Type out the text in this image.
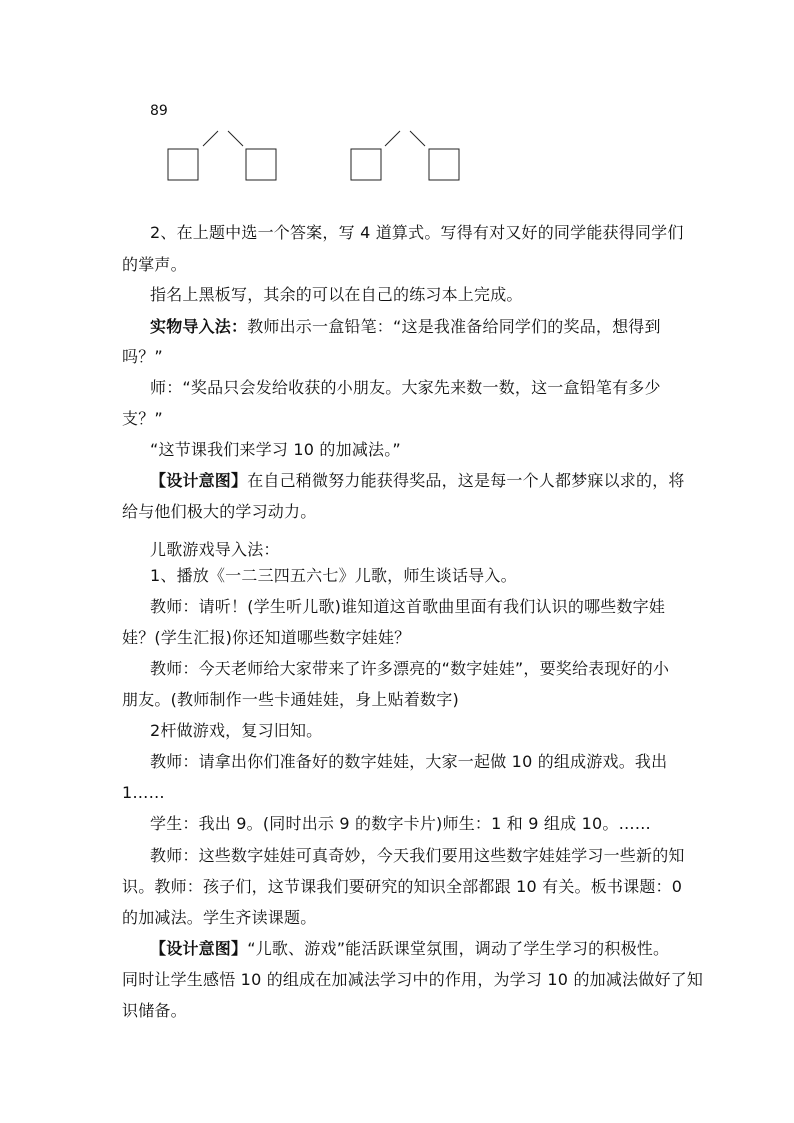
89
2、在上题中选一个答案，写 4 道算式。写得有对又好的同学能获得同学们
的掌声。
指名上黑板写，其余的可以在自己的练习本上完成。
实物导入法：教师出示一盒铅笔：“这是我准备给同学们的奖品，想得到
吗？”
师：“奖品只会发给收获的小朋友。大家先来数一数，这一盒铅笔有多少
支？”
“这节课我们来学习 10 的加减法。”
【设计意图】在自己稍微努力能获得奖品，这是每一个人都梦寐以求的，将
给与他们极大的学习动力。
儿歌游戏导入法：
1、播放《一二三四五六七》儿歌，师生谈话导入。
教师：请听！(学生听儿歌)谁知道这首歌曲里面有我们认识的哪些数字娃
娃？(学生汇报)你还知道哪些数字娃娃？
教师：今天老师给大家带来了许多漂亮的“数字娃娃”，要奖给表现好的小
朋友。(教师制作一些卡通娃娃，身上贴着数字)
2杆做游戏，复习旧知。
教师：请拿出你们准备好的数字娃娃，大家一起做 10 的组成游戏。我出
1……
学生：我出 9。(同时出示 9 的数字卡片)师生：1 和 9 组成 10。……
教师：这些数字娃娃可真奇妙，今天我们要用这些数字娃娃学习一些新的知
识。教师：孩子们，这节课我们要研究的知识全部都跟 10 有关。板书课题：0
的加减法。学生齐读课题。
【设计意图】“儿歌、游戏”能活跃课堂氛围，调动了学生学习的积极性。
同时让学生感悟 10 的组成在加减法学习中的作用，为学习 10 的加减法做好了知
识储备。
